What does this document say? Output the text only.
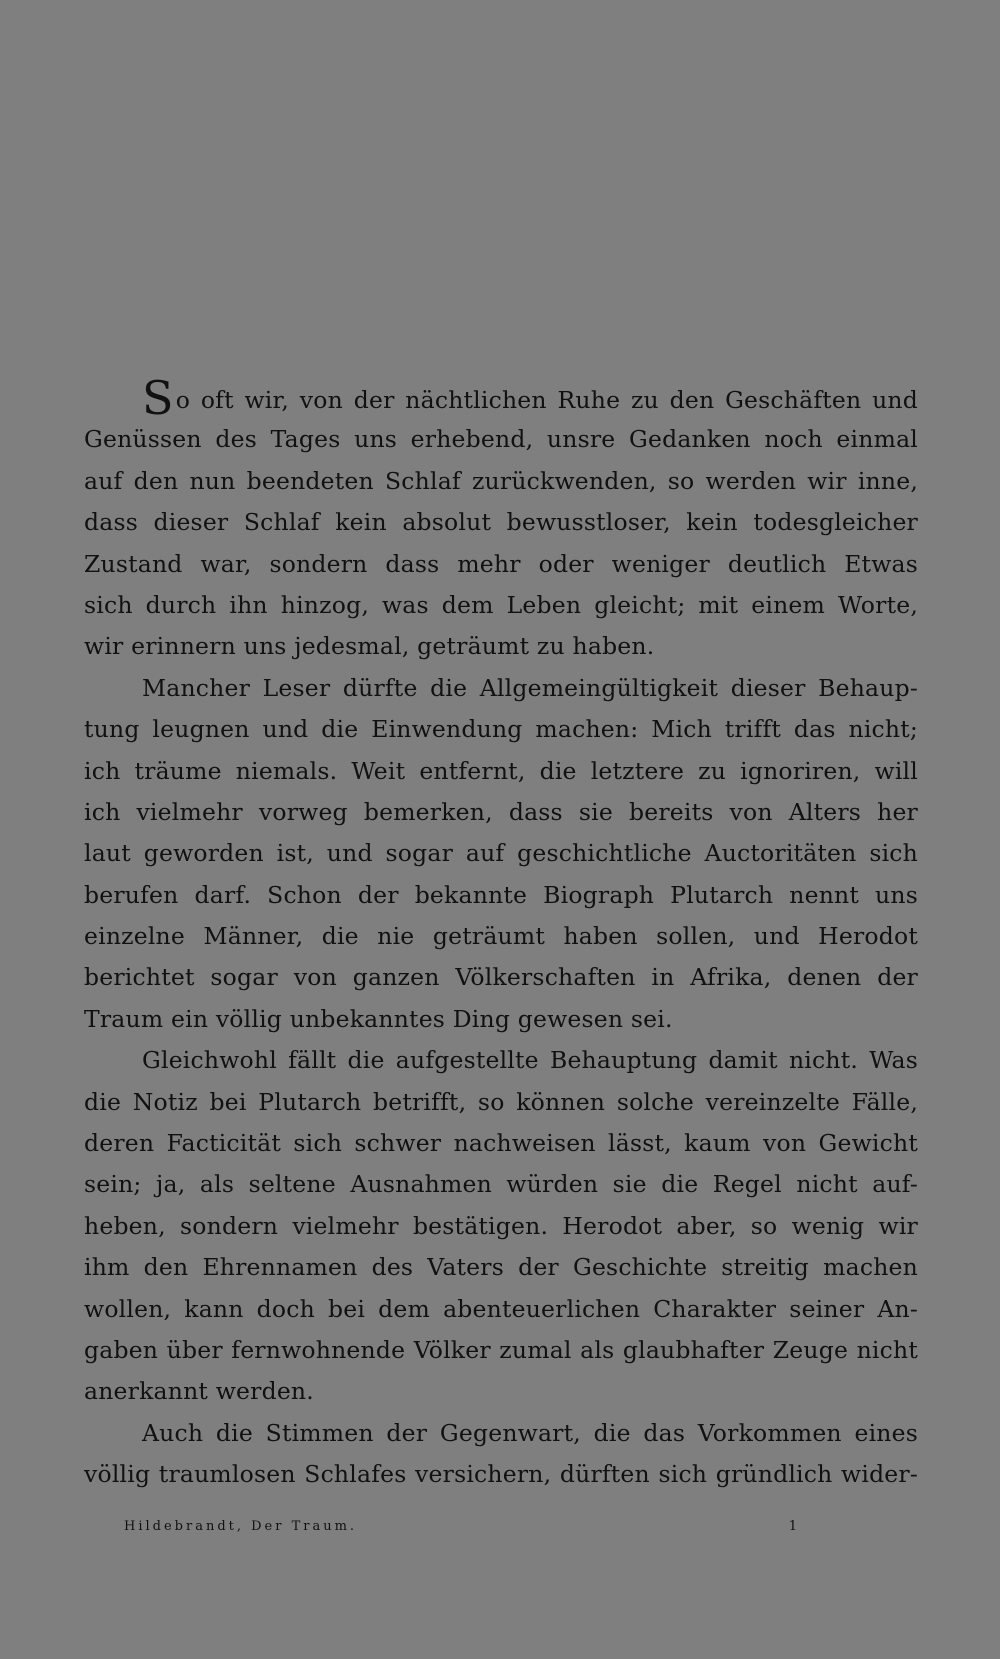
So oft wir, von der nächtlichen Ruhe zu den Geschäften und
Genüssen des Tages uns erhebend, unsre Gedanken noch einmal
auf den nun beendeten Schlaf zurückwenden, so werden wir inne,
dass dieser Schlaf kein absolut bewusstloser, kein todesgleicher
Zustand war, sondern dass mehr oder weniger deutlich Etwas
sich durch ihn hinzog, was dem Leben gleicht; mit einem Worte,
wir erinnern uns jedesmal, geträumt zu haben.
Mancher Leser dürfte die Allgemeingültigkeit dieser Behaup-
tung leugnen und die Einwendung machen: Mich trifft das nicht;
ich träume niemals. Weit entfernt, die letztere zu ignoriren, will
ich vielmehr vorweg bemerken, dass sie bereits von Alters her
laut geworden ist, und sogar auf geschichtliche Auctoritäten sich
berufen darf. Schon der bekannte Biograph Plutarch nennt uns
einzelne Männer, die nie geträumt haben sollen, und Herodot
berichtet sogar von ganzen Völkerschaften in Afrika, denen der
Traum ein völlig unbekanntes Ding gewesen sei.
Gleichwohl fällt die aufgestellte Behauptung damit nicht. Was
die Notiz bei Plutarch betrifft, so können solche vereinzelte Fälle,
deren Facticität sich schwer nachweisen lässt, kaum von Gewicht
sein; ja, als seltene Ausnahmen würden sie die Regel nicht auf-
heben, sondern vielmehr bestätigen. Herodot aber, so wenig wir
ihm den Ehrennamen des Vaters der Geschichte streitig machen
wollen, kann doch bei dem abenteuerlichen Charakter seiner An-
gaben über fernwohnende Völker zumal als glaubhafter Zeuge nicht
anerkannt werden.
Auch die Stimmen der Gegenwart, die das Vorkommen eines
völlig traumlosen Schlafes versichern, dürften sich gründlich wider-
Hildebrandt, Der Traum.	1
